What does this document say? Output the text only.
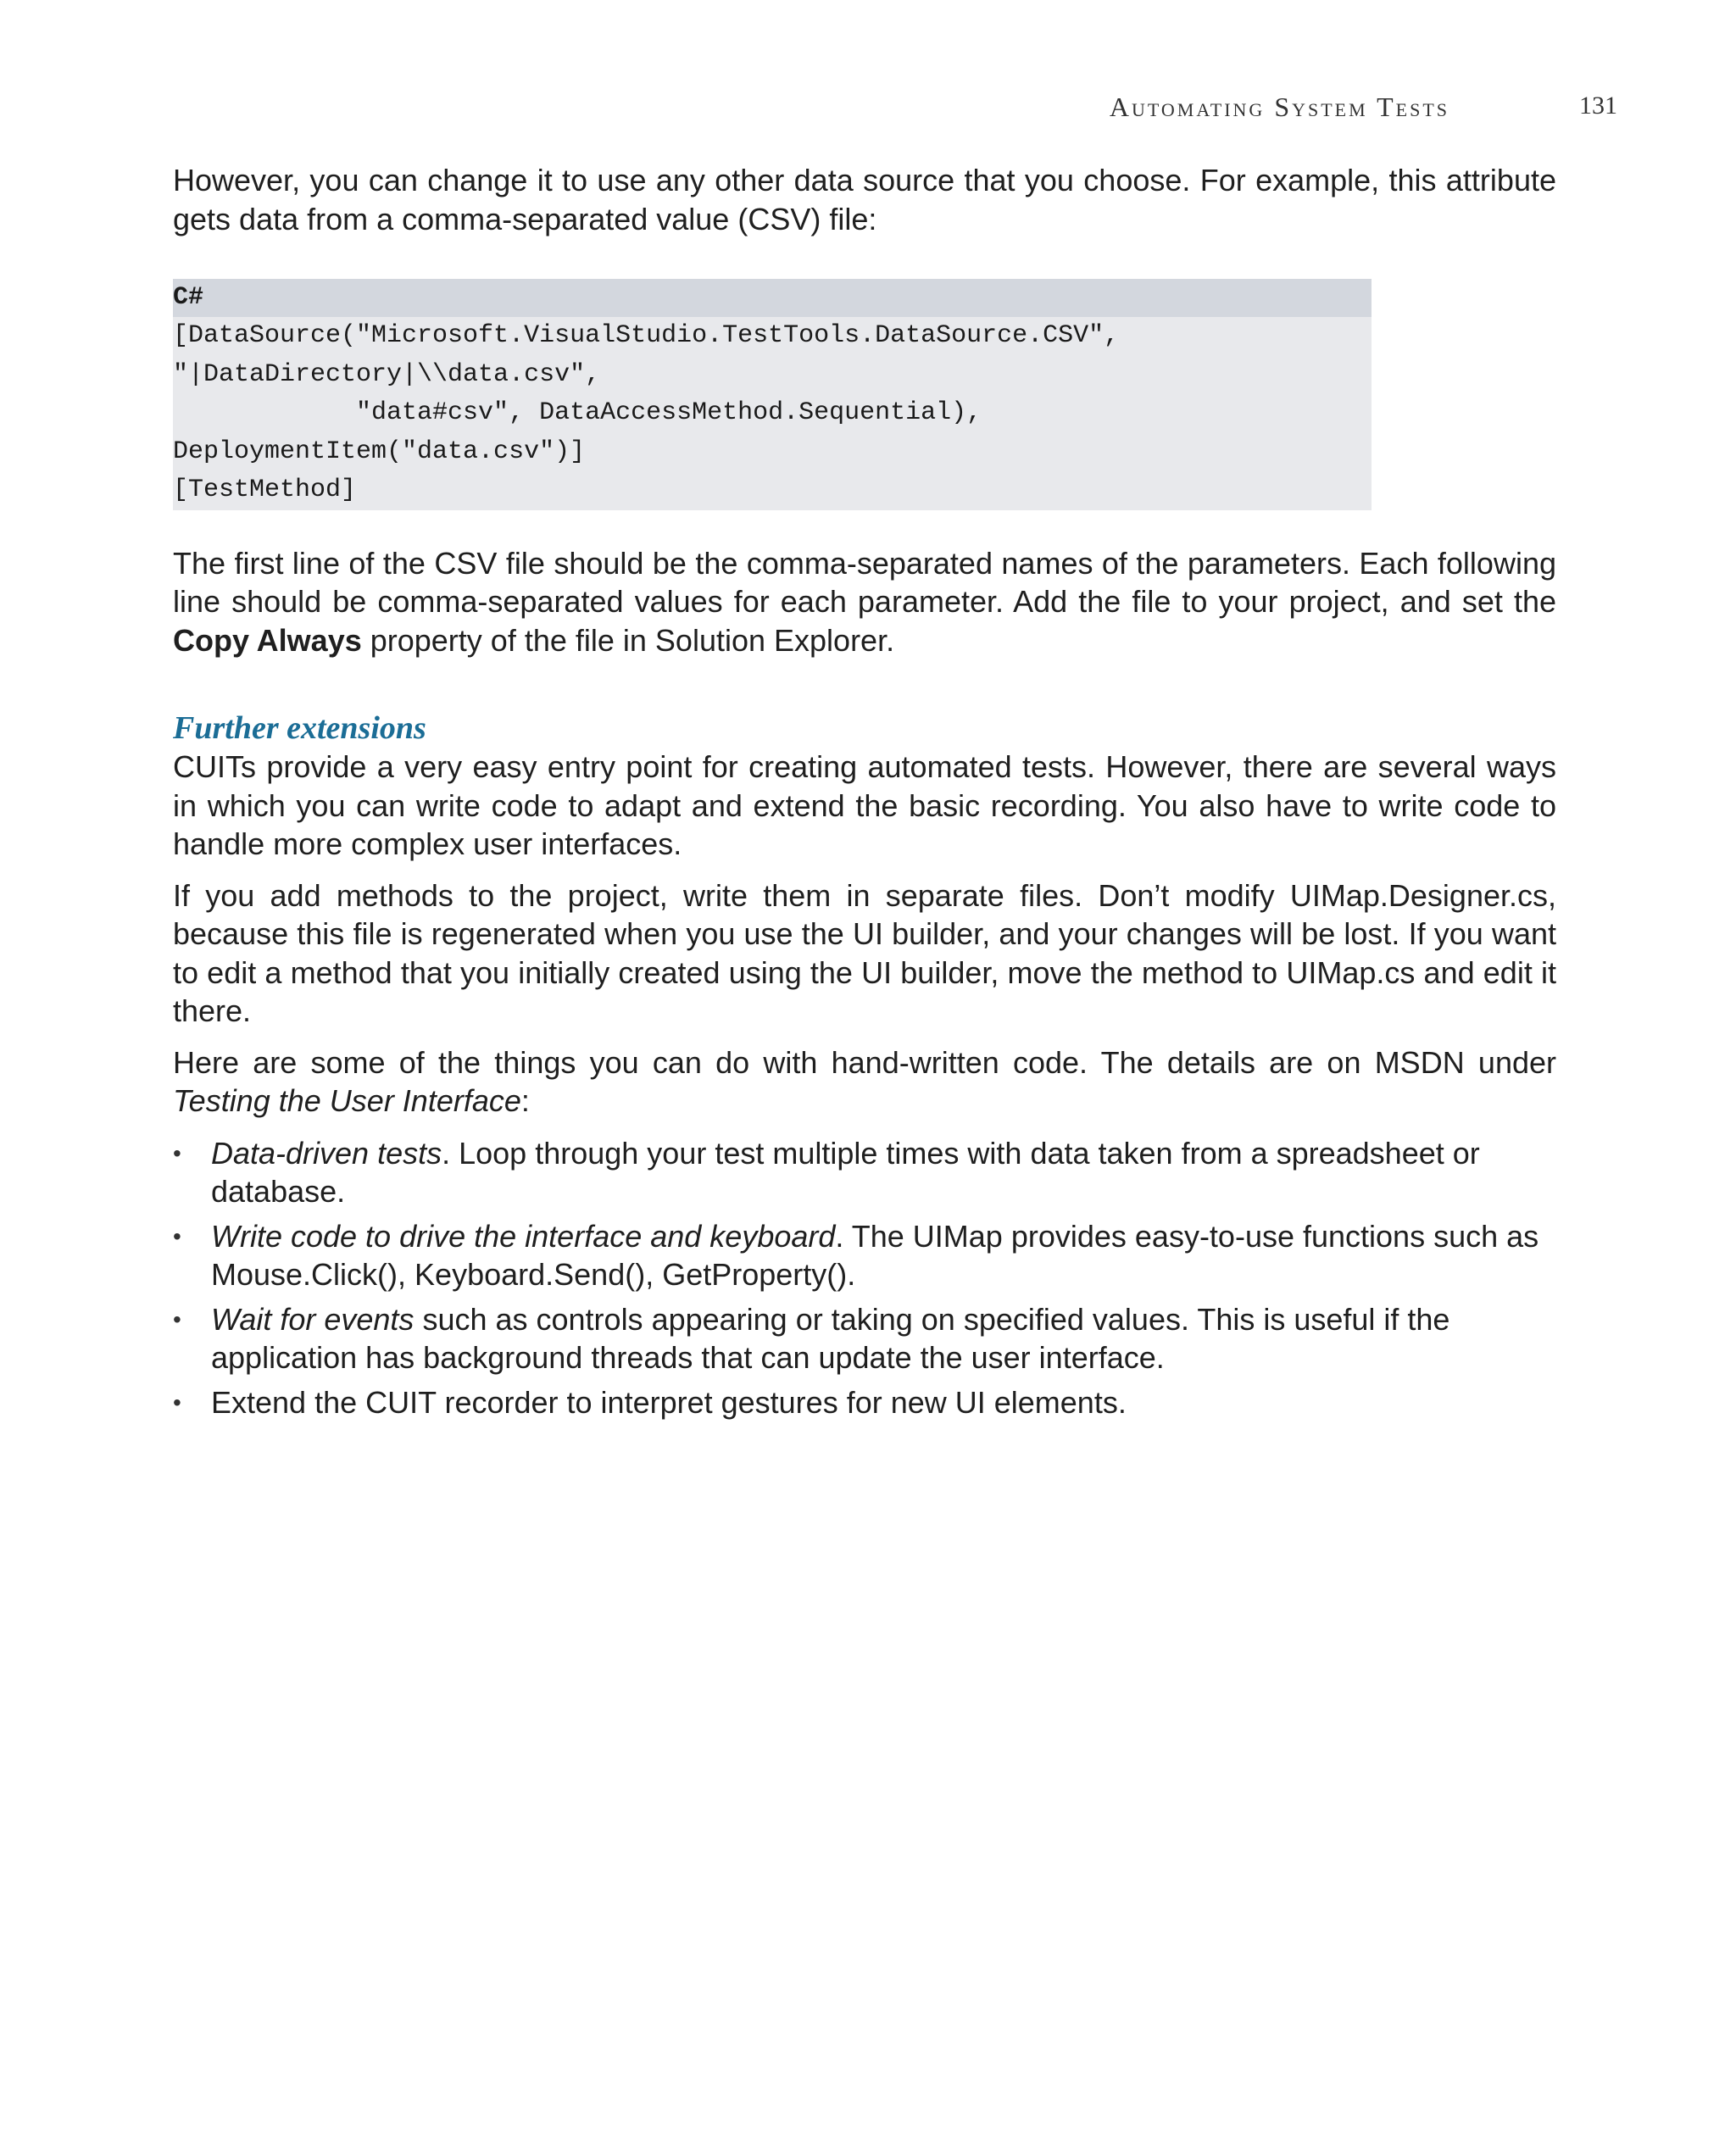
Automating System Tests	131

However, you can change it to use any other data source that you choose. For example, this attribute gets data from a comma-separated value (CSV) file:

C#
[DataSource("Microsoft.VisualStudio.TestTools.DataSource.CSV",
"|DataDirectory|\\data.csv",
"data#csv", DataAccessMethod.Sequential),
DeploymentItem("data.csv")]
[TestMethod]

The first line of the CSV file should be the comma-separated names of the parameters. Each following line should be comma-separated values for each parameter. Add the file to your project, and set the Copy Always property of the file in Solution Explorer.

Further extensions

CUITs provide a very easy entry point for creating automated tests. However, there are several ways in which you can write code to adapt and extend the basic recording. You also have to write code to handle more complex user interfaces.

If you add methods to the project, write them in separate files. Don’t modify UIMap.Designer.cs, because this file is regenerated when you use the UI builder, and your changes will be lost. If you want to edit a method that you initially created using the UI builder, move the method to UIMap.cs and edit it there.

Here are some of the things you can do with hand-written code. The details are on MSDN under Testing the User Interface:

• Data-driven tests. Loop through your test multiple times with data taken from a spreadsheet or database.
• Write code to drive the interface and keyboard. The UIMap provides easy-to-use functions such as Mouse.Click(), Keyboard.Send(), GetProperty().
• Wait for events such as controls appearing or taking on specified values. This is useful if the application has background threads that can update the user interface.
• Extend the CUIT recorder to interpret gestures for new UI elements.
